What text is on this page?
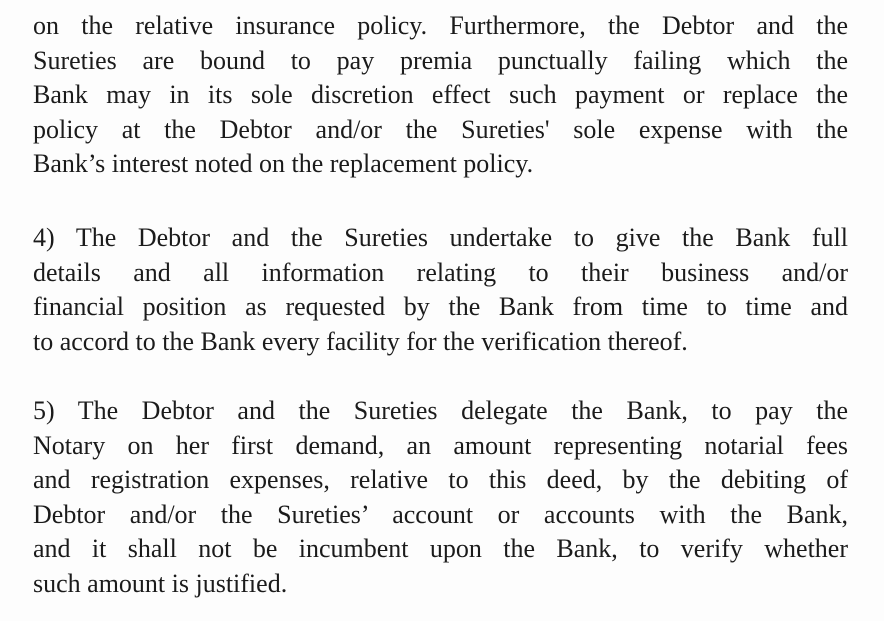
on the relative insurance policy. Furthermore, the Debtor and the
Sureties are bound to pay premia punctually failing which the
Bank may in its sole discretion effect such payment or replace the
policy at the Debtor and/or the Sureties' sole expense with the
Bank’s interest noted on the replacement policy.
4) The Debtor and the Sureties undertake to give the Bank full
details and all information relating to their business and/or
financial position as requested by the Bank from time to time and
to accord to the Bank every facility for the verification thereof.
5) The Debtor and the Sureties delegate the Bank, to pay the
Notary on her first demand, an amount representing notarial fees
and registration expenses, relative to this deed, by the debiting of
Debtor and/or the Sureties’ account or accounts with the Bank,
and it shall not be incumbent upon the Bank, to verify whether
such amount is justified.
